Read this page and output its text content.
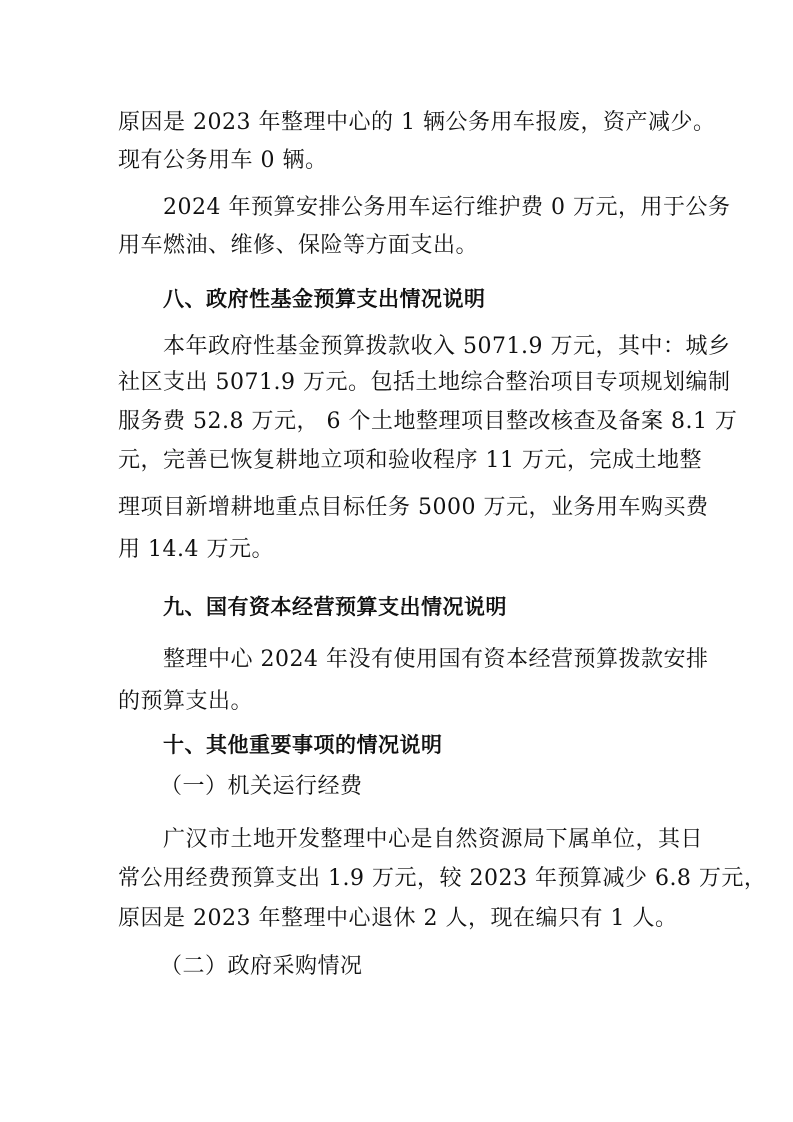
原因是 2023 年整理中心的 1 辆公务用车报废，资产减少。
现有公务用车 0 辆。
2024 年预算安排公务用车运行维护费 0 万元，用于公务
用车燃油、维修、保险等方面支出。
八、政府性基金预算支出情况说明
本年政府性基金预算拨款收入 5071.9 万元，其中：城乡
社区支出 5071.9 万元。包括土地综合整治项目专项规划编制
服务费 52.8 万元， 6 个土地整理项目整改核查及备案 8.1 万
元，完善已恢复耕地立项和验收程序 11 万元，完成土地整
理项目新增耕地重点目标任务 5000 万元，业务用车购买费
用 14.4 万元。
九、国有资本经营预算支出情况说明
整理中心 2024 年没有使用国有资本经营预算拨款安排
的预算支出。
十、其他重要事项的情况说明
（一）机关运行经费
广汉市土地开发整理中心是自然资源局下属单位，其日
常公用经费预算支出 1.9 万元，较 2023 年预算减少 6.8 万元，
原因是 2023 年整理中心退休 2 人，现在编只有 1 人。
（二）政府采购情况
